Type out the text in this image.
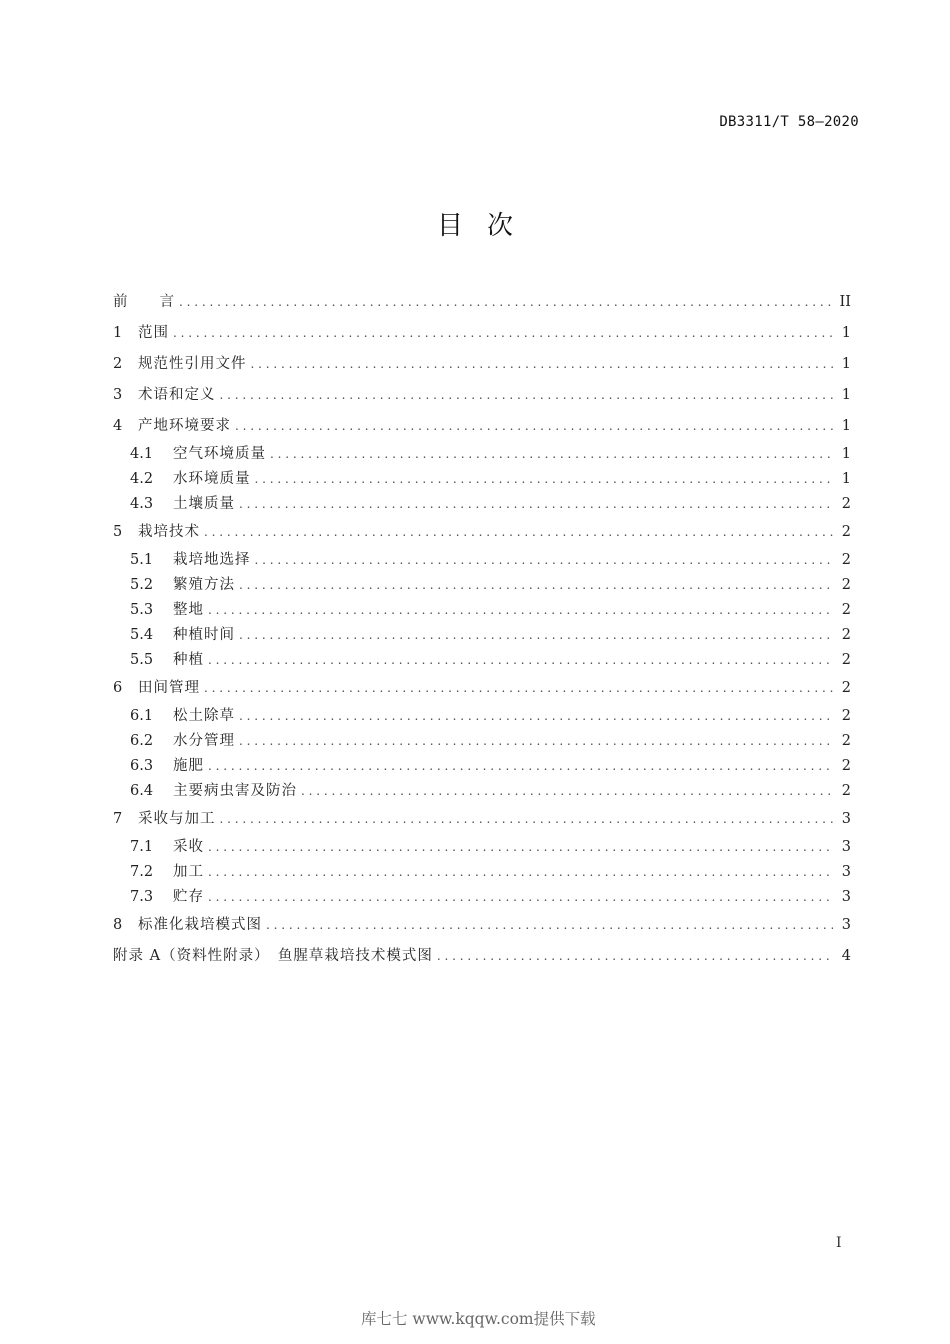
DB3311/T 58—2020
目次
前　　言 . . .	II
1	范围 . . .	1
2	规范性引用文件 . . .	1
3	术语和定义 . . .	1
4	产地环境要求 . . .	1
4.1	空气环境质量 . . .	1
4.2	水环境质量 . . .	1
4.3	土壤质量 . . .	2
5	栽培技术 . . .	2
5.1	栽培地选择 . . .	2
5.2	繁殖方法 . . .	2
5.3	整地 . . .	2
5.4	种植时间 . . .	2
5.5	种植 . . .	2
6	田间管理 . . .	2
6.1	松土除草 . . .	2
6.2	水分管理 . . .	2
6.3	施肥 . . .	2
6.4	主要病虫害及防治 . . .	2
7	采收与加工 . . .	3
7.1	采收 . . .	3
7.2	加工 . . .	3
7.3	贮存 . . .	3
8	标准化栽培模式图 . . .	3
附录 A（资料性附录）　鱼腥草栽培技术模式图 . . .	4
I
库七七 www.kqqw.com提供下载
